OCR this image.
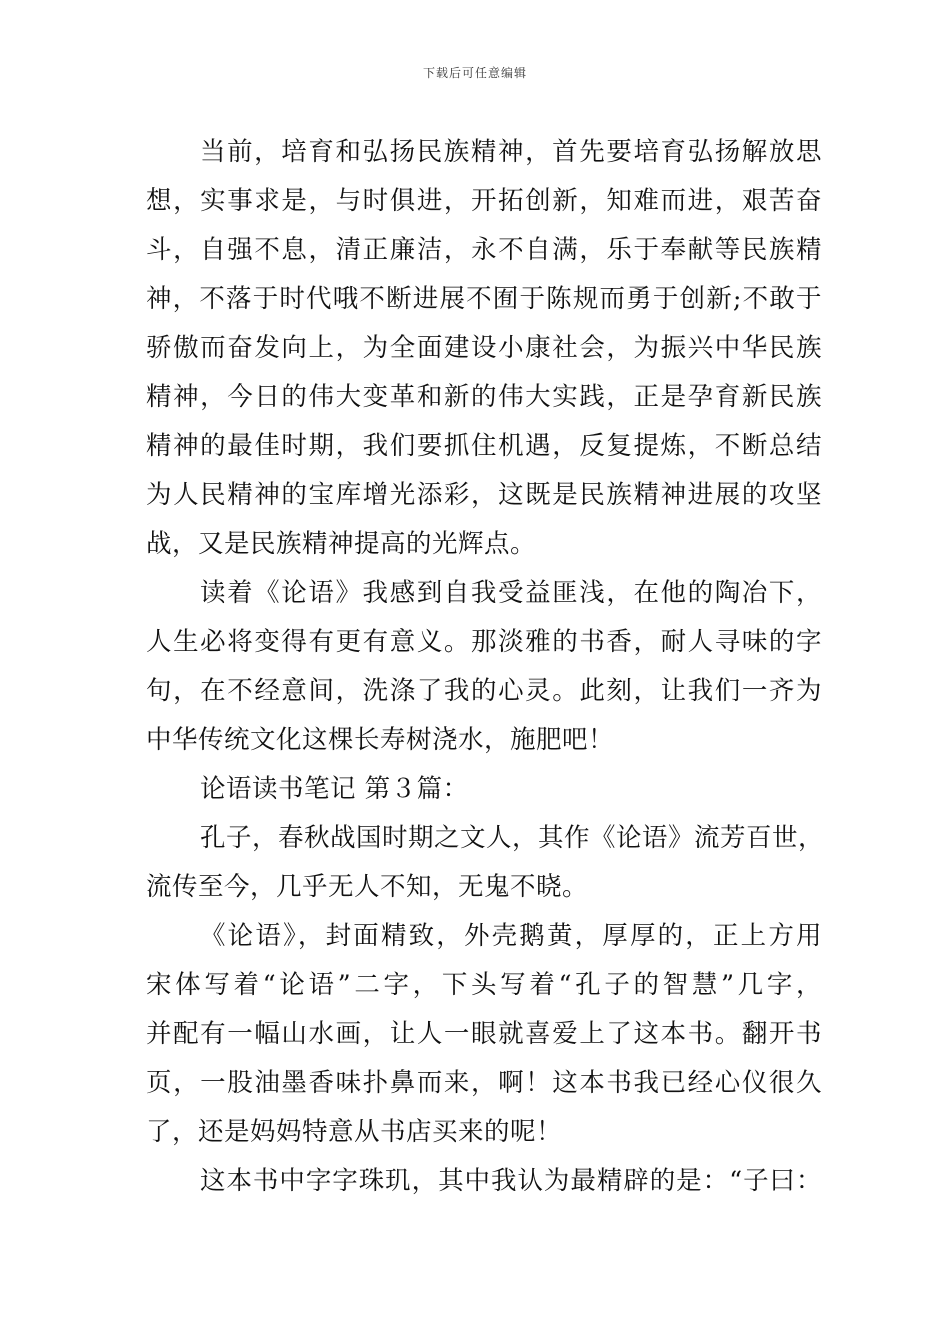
下载后可任意编辑
当前，培育和弘扬民族精神，首先要培育弘扬解放思
想，实事求是，与时俱进，开拓创新，知难而进，艰苦奋
斗，自强不息，清正廉洁，永不自满，乐于奉献等民族精
神，不落于时代哦不断进展不囿于陈规而勇于创新;不敢于
骄傲而奋发向上，为全面建设小康社会，为振兴中华民族
精神，今日的伟大变革和新的伟大实践，正是孕育新民族
精神的最佳时期，我们要抓住机遇，反复提炼，不断总结
为人民精神的宝库增光添彩，这既是民族精神进展的攻坚
战，又是民族精神提高的光辉点。
读着《论语》我感到自我受益匪浅，在他的陶冶下，
人生必将变得有更有意义。那淡雅的书香，耐人寻味的字
句，在不经意间，洗涤了我的心灵。此刻，让我们一齐为
中华传统文化这棵长寿树浇水，施肥吧！
论语读书笔记 第３篇：
孔子，春秋战国时期之文人，其作《论语》流芳百世，
流传至今，几乎无人不知，无鬼不晓。
《论语》，封面精致，外壳鹅黄，厚厚的，正上方用
宋体写着“论语”二字，下头写着“孔子的智慧”几字，
并配有一幅山水画，让人一眼就喜爱上了这本书。翻开书
页，一股油墨香味扑鼻而来，啊！这本书我已经心仪很久
了，还是妈妈特意从书店买来的呢！
这本书中字字珠玑，其中我认为最精辟的是：“子曰：
